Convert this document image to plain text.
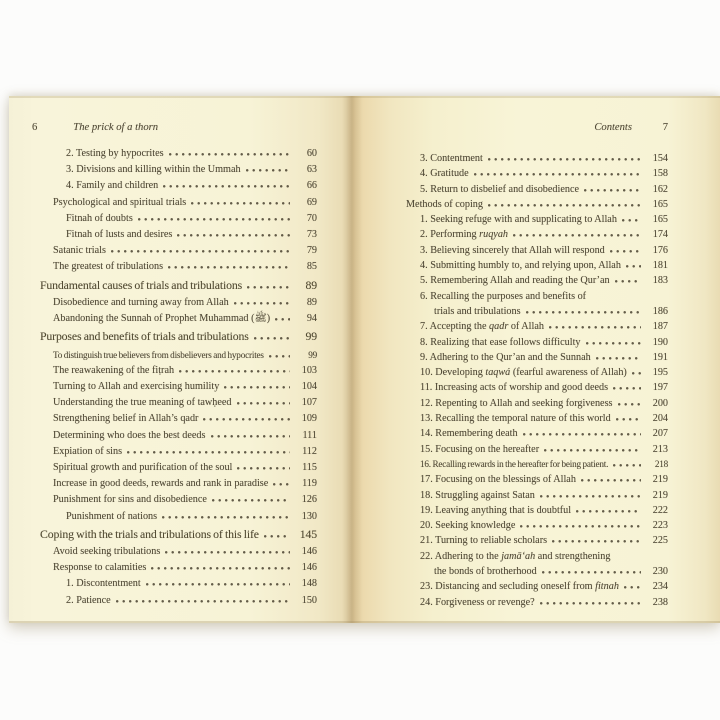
6	The prick of a thorn
2. Testing by hypocrites	60
3. Divisions and killing within the Ummah	63
4. Family and children	66
Psychological and spiritual trials	69
Fitnah of doubts	70
Fitnah of lusts and desires	73
Satanic trials	79
The greatest of tribulations	85
Fundamental causes of trials and tribulations	89
Disobedience and turning away from Allah	89
Abandoning the Sunnah of Prophet Muhammad (ﷺ)	94
Purposes and benefits of trials and tribulations	99
To distinguish true believers from disbelievers and hypocrites	99
The reawakening of the fiṭrah	103
Turning to Allah and exercising humility	104
Understanding the true meaning of tawḥeed	107
Strengthening belief in Allah’s qadr	109
Determining who does the best deeds	111
Expiation of sins	112
Spiritual growth and purification of the soul	115
Increase in good deeds, rewards and rank in paradise	119
Punishment for sins and disobedience	126
Punishment of nations	130
Coping with the trials and tribulations of this life	145
Avoid seeking tribulations	146
Response to calamities	146
1. Discontentment	148
2. Patience	150
Contents	7
3. Contentment	154
4. Gratitude	158
5. Return to disbelief and disobedience	162
Methods of coping	165
1. Seeking refuge with and supplicating to Allah	165
2. Performing ruqyah	174
3. Believing sincerely that Allah will respond	176
4. Submitting humbly to, and relying upon, Allah	181
5. Remembering Allah and reading the Qur’an	183
6. Recalling the purposes and benefits of
trials and tribulations	186
7. Accepting the qadr of Allah	187
8. Realizing that ease follows difficulty	190
9. Adhering to the Qur’an and the Sunnah	191
10. Developing taqwá (fearful awareness of Allah)	195
11. Increasing acts of worship and good deeds	197
12. Repenting to Allah and seeking forgiveness	200
13. Recalling the temporal nature of this world	204
14. Remembering death	207
15. Focusing on the hereafter	213
16. Recalling rewards in the hereafter for being patient.	218
17. Focusing on the blessings of Allah	219
18. Struggling against Satan	219
19. Leaving anything that is doubtful	222
20. Seeking knowledge	223
21. Turning to reliable scholars	225
22. Adhering to the jamā‘ah and strengthening
the bonds of brotherhood	230
23. Distancing and secluding oneself from fitnah	234
24. Forgiveness or revenge?	238
